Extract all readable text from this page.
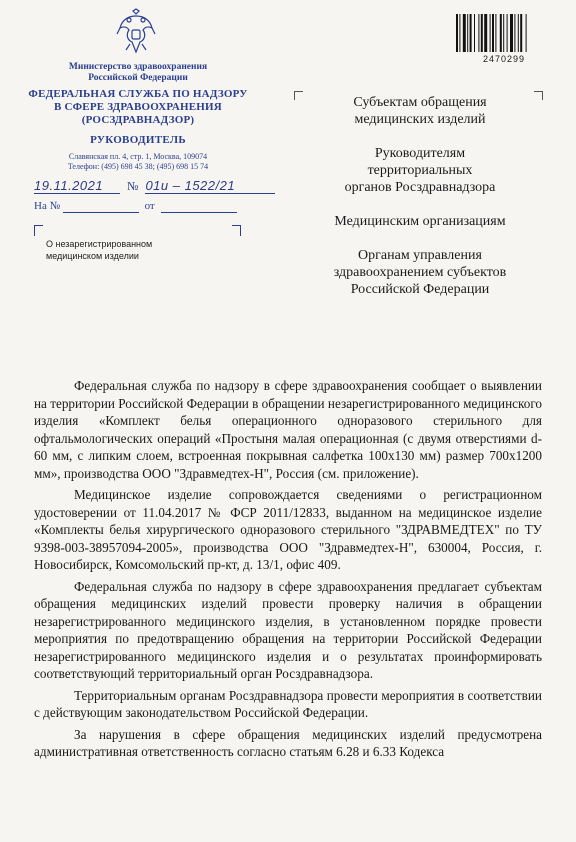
Министерство здравоохранения
Российской Федерации
ФЕДЕРАЛЬНАЯ СЛУЖБА ПО НАДЗОРУ
В СФЕРЕ ЗДРАВООХРАНЕНИЯ
(РОСЗДРАВНАДЗОР)
РУКОВОДИТЕЛЬ
Славянская пл. 4, стр. 1, Москва, 109074
Телефон: (495) 698 45 38; (495) 698 15 74
19.11.2021 № 01и – 1522/21
На №	от
О незарегистрированном
медицинском изделии
2470299
Субъектам обращения
медицинских изделий
Руководителям
территориальных
органов Росздравнадзора
Медицинским организациям
Органам управления
здравоохранением субъектов
Российской Федерации

Федеральная служба по надзору в сфере здравоохранения сообщает о выявлении на территории Российской Федерации в обращении незарегистрированного медицинского изделия «Комплект белья операционного одноразового стерильного для офтальмологических операций «Простыня малая операционная (с двумя отверстиями d-60 мм, с липким слоем, встроенная покрывная салфетка 100х130 мм) размер 700х1200 мм», производства ООО "Здравмедтех-Н", Россия (см. приложение).

Медицинское изделие сопровождается сведениями о регистрационном удостоверении от 11.04.2017 № ФСР 2011/12833, выданном на медицинское изделие «Комплекты белья хирургического одноразового стерильного "ЗДРАВМЕДТЕХ" по ТУ 9398-003-38957094-2005», производства ООО "Здравмедтех-Н", 630004, Россия, г. Новосибирск, Комсомольский пр-кт, д. 13/1, офис 409.

Федеральная служба по надзору в сфере здравоохранения предлагает субъектам обращения медицинских изделий провести проверку наличия в обращении незарегистрированного медицинского изделия, в установленном порядке провести мероприятия по предотвращению обращения на территории Российской Федерации незарегистрированного медицинского изделия и о результатах проинформировать соответствующий территориальный орган Росздравнадзора.

Территориальным органам Росздравнадзора провести мероприятия в соответствии с действующим законодательством Российской Федерации.

За нарушения в сфере обращения медицинских изделий предусмотрена административная ответственность согласно статьям 6.28 и 6.33 Кодекса
